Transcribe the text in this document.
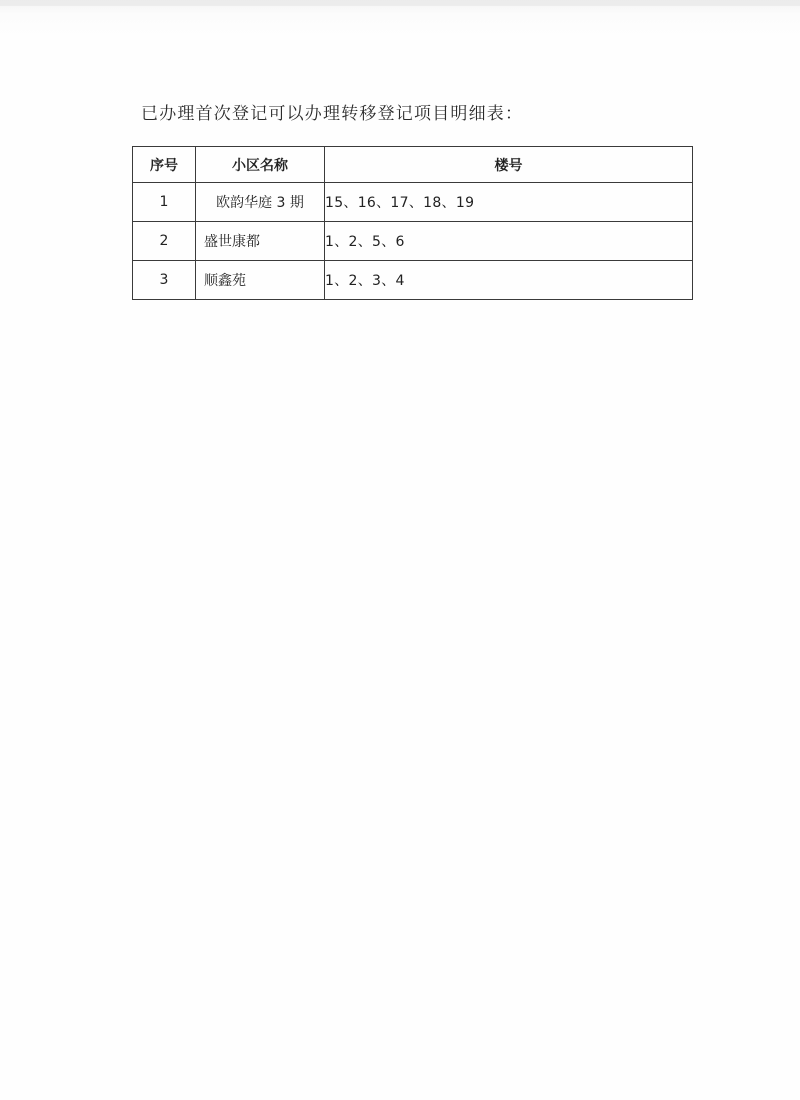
已办理首次登记可以办理转移登记项目明细表：
序号	小区名称	楼号
1	欧韵华庭 3 期	15、16、17、18、19
2	盛世康都	1、2、5、6
3	顺鑫苑	1、2、3、4
